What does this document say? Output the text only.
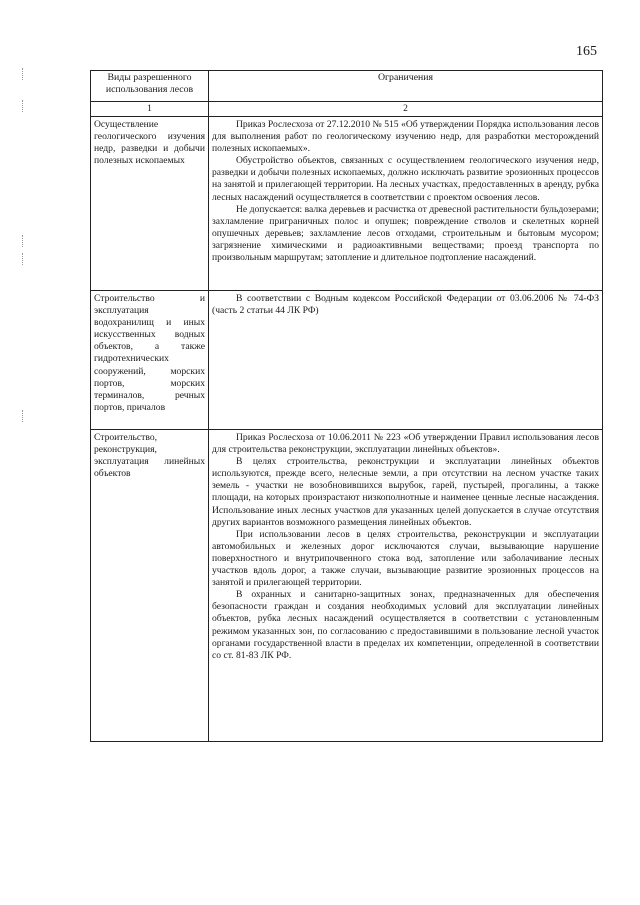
165
Виды разрешенного использования лесов	Ограничения
1	2
Осуществление геологического изучения недр, разведки и добычи полезных ископаемых	Приказ Рослесхоза от 27.12.2010 № 515 «Об утверждении Порядка использования лесов для выполнения работ по геологическому изучению недр, для разработки месторождений полезных ископаемых».

Обустройство объектов, связанных с осуществлением геологического изучения недр, разведки и добычи полезных ископаемых, должно исключать развитие эрозионных процессов на занятой и прилегающей территории. На лесных участках, предоставленных в аренду, рубка лесных насаждений осуществляется в соответствии с проектом освоения лесов.

Не допускается: валка деревьев и расчистка от древесной растительности бульдозерами; захламление приграничных полос и опушек; повреждение стволов и скелетных корней опушечных деревьев; захламление лесов отходами, строительным и бытовым мусором; загрязнение химическими и радиоактивными веществами; проезд транспорта по произвольным маршрутам; затопление и длительное подтопление насаждений.

Строительство и эксплуатация водохранилищ и иных искусственных водных объектов, а также гидротехнических сооружений, морских портов, морских терминалов, речных портов, причалов	В соответствии с Водным кодексом Российской Федерации от 03.06.2006 № 74-ФЗ (часть 2 статьи 44 ЛК РФ)

Строительство, реконструкция, эксплуатация линейных объектов	Приказ Рослесхоза от 10.06.2011 № 223 «Об утверждении Правил использования лесов для строительства реконструкции, эксплуатации линейных объектов».

В целях строительства, реконструкции и эксплуатации линейных объектов используются, прежде всего, нелесные земли, а при отсутствии на лесном участке таких земель - участки не возобновившихся вырубок, гарей, пустырей, прогалины, а также площади, на которых произрастают низкополнотные и наименее ценные лесные насаждения. Использование иных лесных участков для указанных целей допускается в случае отсутствия других вариантов возможного размещения линейных объектов.

При использовании лесов в целях строительства, реконструкции и эксплуатации автомобильных и железных дорог исключаются случаи, вызывающие нарушение поверхностного и внутрипочвенного стока вод, затопление или заболачивание лесных участков вдоль дорог, а также случаи, вызывающие развитие эрозионных процессов на занятой и прилегающей территории.

В охранных и санитарно-защитных зонах, предназначенных для обеспечения безопасности граждан и создания необходимых условий для эксплуатации линейных объектов, рубка лесных насаждений осуществляется в соответствии с установленным режимом указанных зон, по согласованию с предоставившими в пользование лесной участок органами государственной власти в пределах их компетенции, определенной в соответствии со ст. 81-83 ЛК РФ.
